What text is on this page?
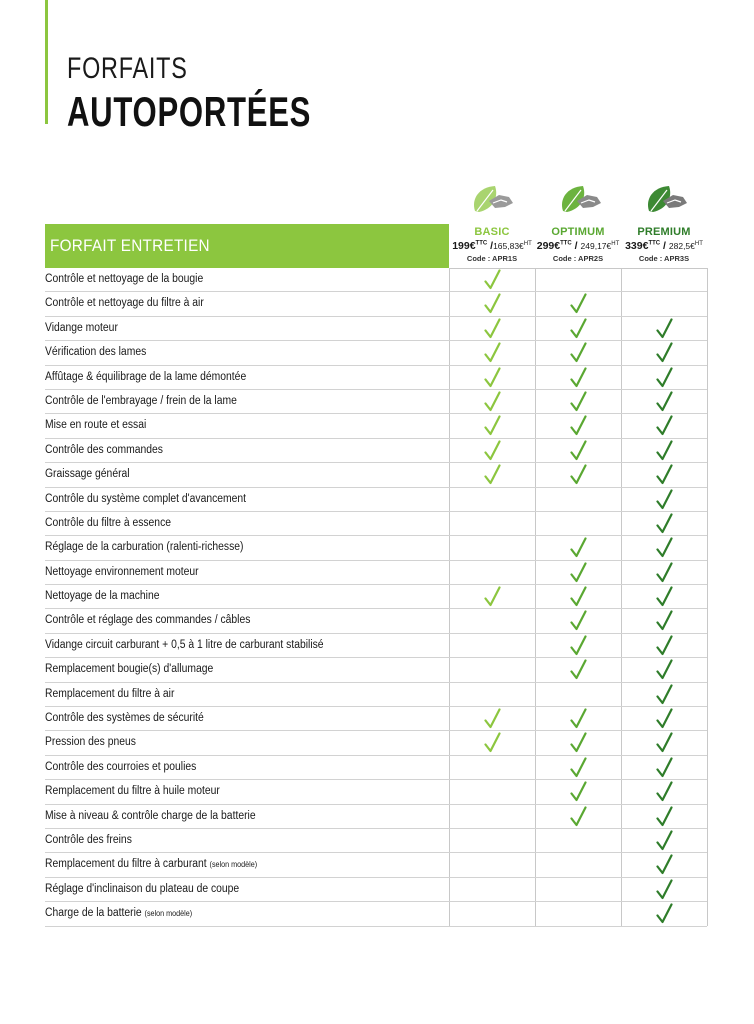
FORFAITS
AUTOPORTÉES
BASIC
199€$^{TTC}$ /165,83€$^{HT}$
Code : APR1S
OPTIMUM
299€$^{TTC}$ / 249,17€$^{HT}$
Code : APR2S
PREMIUM
339€$^{TTC}$ / 282,5€$^{HT}$
Code : APR3S
FORFAIT ENTRETIEN
Contrôle et nettoyage de la bougie
Contrôle et nettoyage du filtre à air
Vidange moteur
Vérification des lames
Affûtage & équilibrage de la lame démontée
Contrôle de l'embrayage / frein de la lame
Mise en route et essai
Contrôle des commandes
Graissage général
Contrôle du système complet d'avancement
Contrôle du filtre à essence
Réglage de la carburation (ralenti-richesse)
Nettoyage environnement moteur
Nettoyage de la machine
Contrôle et réglage des commandes / câbles
Vidange circuit carburant + 0,5 à 1 litre de carburant stabilisé
Remplacement bougie(s) d'allumage
Remplacement du filtre à air
Contrôle des systèmes de sécurité
Pression des pneus
Contrôle des courroies et poulies
Remplacement du filtre à huile moteur
Mise à niveau & contrôle charge de la batterie
Contrôle des freins
Remplacement du filtre à carburant (selon modèle)
Réglage d'inclinaison du plateau de coupe
Charge de la batterie (selon modèle)
